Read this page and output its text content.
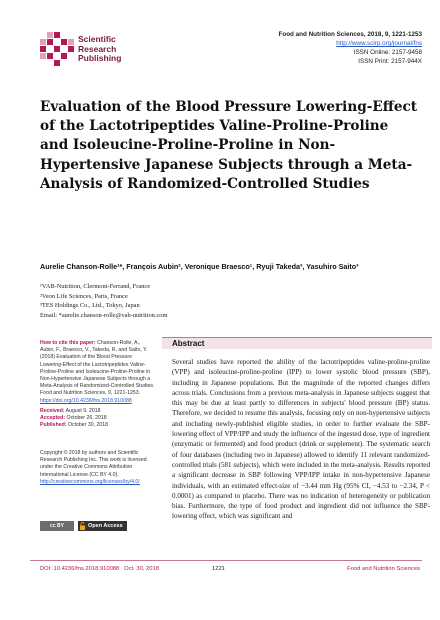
Scientific
Research
Publishing
Food and Nutrition Sciences, 2018, 9, 1221-1253
http://www.scirp.org/journal/fns
ISSN Online: 2157-9458
ISSN Print: 2157-944X
Evaluation of the Blood Pressure Lowering-Effect of the Lactotripeptides Valine-Proline-Proline and Isoleucine-Proline-Proline in Non-Hypertensive Japanese Subjects through a Meta-Analysis of Randomized-Controlled Studies
Aurelie Chanson-Rolle¹*, François Aubin², Veronique Braesco¹, Ryuji Takeda³, Yasuhiro Saito³
¹VAB-Nutrition, Clermont-Ferrand, France
²Veon Life Sciences, Paris, France
³TES Holdings Co., Ltd., Tokyo, Japan
Email: *aurelie.chanson-rolle@vab-nutrition.com
How to cite this paper: Chanson-Rolle, A., Aubin, F., Braesco, V., Takeda, R. and Saito, Y. (2018) Evaluation of the Blood Pressure Lowering-Effect of the Lactotripeptides Valine-Proline-Proline and Isoleucine-Proline-Proline in Non-Hypertensive Japanese Subjects through a Meta-Analysis of Randomized-Controlled Studies. Food and Nutrition Sciences, 9, 1221-1253.
https://doi.org/10.4236/fns.2018.910088
Received: August 9, 2018
Accepted: October 26, 2018
Published: October 30, 2018
Copyright © 2018 by authors and Scientific Research Publishing Inc. This work is licensed under the Creative Commons Attribution International License (CC BY 4.0).
http://creativecommons.org/licenses/by/4.0/
cc BY	Open Access
Abstract
Several studies have reported the ability of the lactotripeptides valine-proline-proline (VPP) and isoleucine-proline-proline (IPP) to lower systolic blood pressure (SBP), including in Japanese populations. But the magnitude of the reported changes differs across trials. Conclusions from a previous meta-analysis in Japanese subjects suggest that this may be due at least partly to differences in subjects' blood pressure (BP) status. Therefore, we decided to resume this analysis, focusing only on non-hypertensive subjects and including newly-published eligible studies, in order to further evaluate the SBP-lowering effect of VPP/IPP and study the influence of the ingested dose, type of ingredient (enzymatic or fermented) and food product (drink or supplement). The systematic search of four databases (including two in Japanese) allowed to identify 11 relevant randomized-controlled trials (581 subjects), which were included in the meta-analysis. Results reported a significant decrease in SBP following VPP/IPP intake in non-hypertensive Japanese individuals, with an estimated effect-size of −3.44 mm Hg (95% CI, −4.53 to −2.34, P < 0.0001) as compared to placebo. There was no indication of heterogeneity or publication bias. Furthermore, the type of food product and ingredient did not influence the SBP-lowering effect, which was significant and
DOI: 10.4236/fns.2018.910088 Oct. 30, 2018	1221	Food and Nutrition Sciences
